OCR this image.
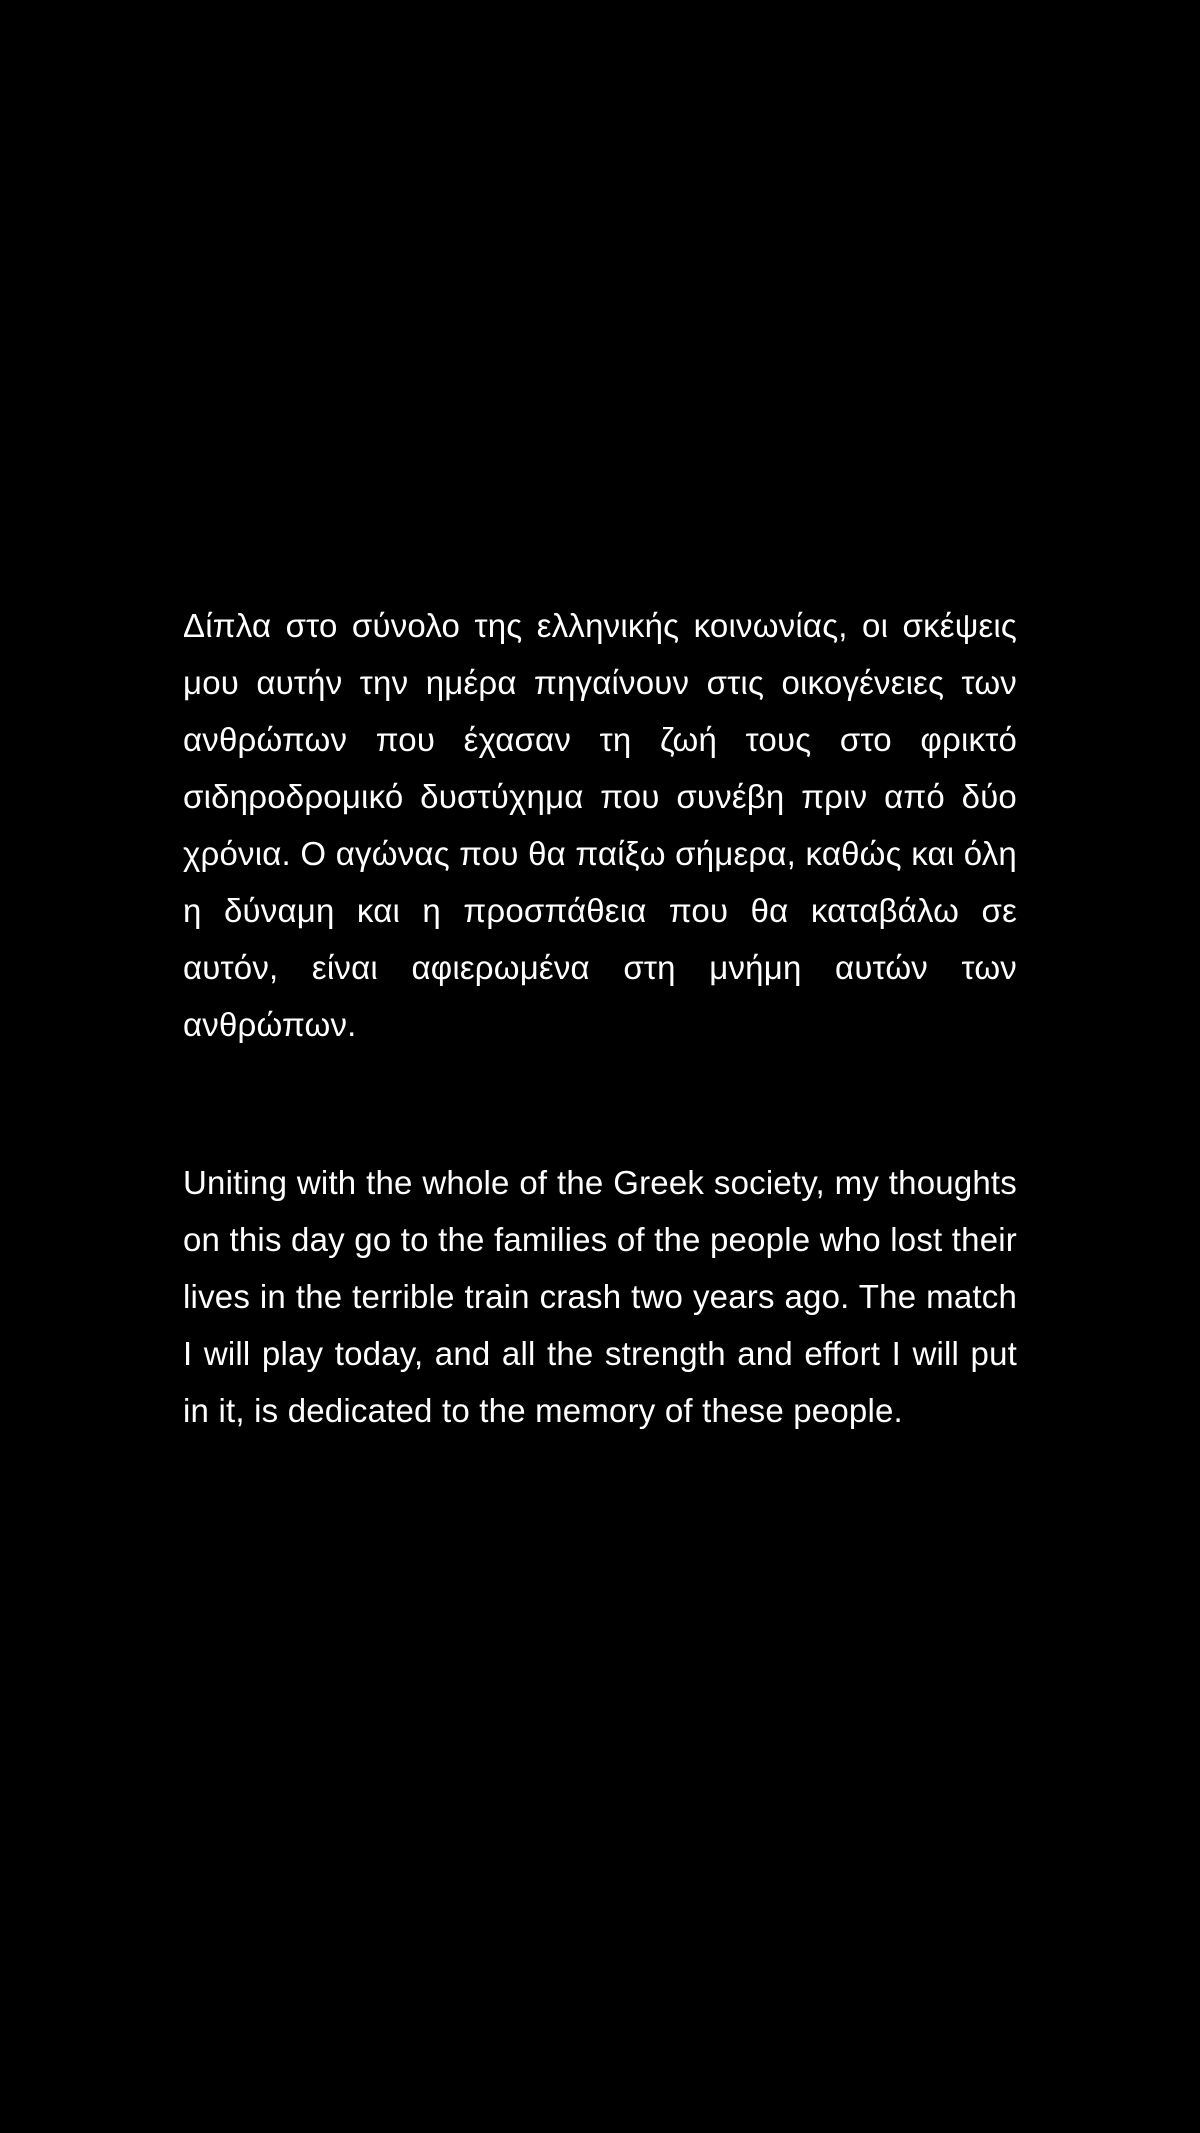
Δίπλα στο σύνολο της ελληνικής κοινωνίας, οι σκέψεις μου αυτήν την ημέρα πηγαίνουν στις οικογένειες των ανθρώπων που έχασαν τη ζωή τους στο φρικτό σιδηροδρομικό δυστύχημα που συνέβη πριν από δύο χρόνια. Ο αγώνας που θα παίξω σήμερα, καθώς και όλη η δύναμη και η προσπάθεια που θα καταβάλω σε αυτόν, είναι αφιερωμένα στη μνήμη αυτών των ανθρώπων.

Uniting with the whole of the Greek society, my thoughts on this day go to the families of the people who lost their lives in the terrible train crash two years ago. The match I will play today, and all the strength and effort I will put in it, is dedicated to the memory of these people.
